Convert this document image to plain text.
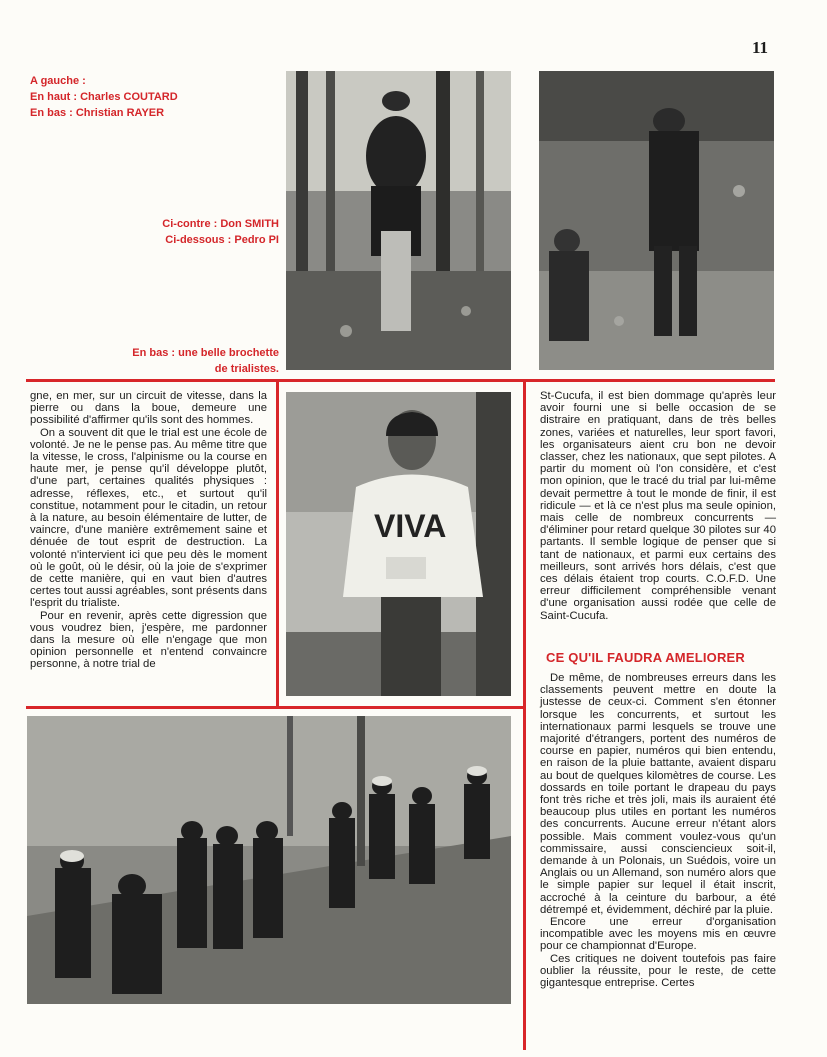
11
A gauche :
En haut : Charles COUTARD
En bas : Christian RAYER
Ci-contre : Don SMITH
Ci-dessous : Pedro PI
En bas : une belle brochette
de trialistes.

gne, en mer, sur un circuit de vitesse, dans la pierre ou dans la boue, demeure une possibilité d'affirmer qu'ils sont des hommes.

On a souvent dit que le trial est une école de volonté. Je ne le pense pas. Au même titre que la vitesse, le cross, l'alpinisme ou la course en haute mer, je pense qu'il développe plutôt, d'une part, certaines qualités physiques : adresse, réflexes, etc., et surtout qu'il constitue, notamment pour le citadin, un retour à la nature, au besoin élémentaire de lutter, de vaincre, d'une manière extrêmement saine et dénuée de tout esprit de destruction. La volonté n'intervient ici que peu dès le moment où le goût, où le désir, où la joie de s'exprimer de cette manière, qui en vaut bien d'autres certes tout aussi agréables, sont présents dans l'esprit du trialiste.

Pour en revenir, après cette digression que vous voudrez bien, j'espère, me pardonner dans la mesure où elle n'engage que mon opinion personnelle et n'entend convaincre personne, à notre trial de

VIVA

St-Cucufa, il est bien dommage qu'après leur avoir fourni une si belle occasion de se distraire en pratiquant, dans de très belles zones, variées et naturelles, leur sport favori, les organisateurs aient cru bon ne devoir classer, chez les nationaux, que sept pilotes. A partir du moment où l'on considère, et c'est mon opinion, que le tracé du trial par lui-même devait permettre à tout le monde de finir, il est ridicule — et là ce n'est plus ma seule opinion, mais celle de nombreux concurrents — d'éliminer pour retard quelque 30 pilotes sur 40 partants. Il semble logique de penser que si tant de nationaux, et parmi eux certains des meilleurs, sont arrivés hors délais, c'est que ces délais étaient trop courts. C.O.F.D. Une erreur difficilement compréhensible venant d'une organisation aussi rodée que celle de Saint-Cucufa.

CE QU'IL FAUDRA AMELIORER

De même, de nombreuses erreurs dans les classements peuvent mettre en doute la justesse de ceux-ci. Comment s'en étonner lorsque les concurrents, et surtout les internationaux parmi lesquels se trouve une majorité d'étrangers, portent des numéros de course en papier, numéros qui bien entendu, en raison de la pluie battante, avaient disparu au bout de quelques kilomètres de course. Les dossards en toile portant le drapeau du pays font très riche et très joli, mais ils auraient été beaucoup plus utiles en portant les numéros des concurrents. Aucune erreur n'étant alors possible. Mais comment voulez-vous qu'un commissaire, aussi consciencieux soit-il, demande à un Polonais, un Suédois, voire un Anglais ou un Allemand, son numéro alors que le simple papier sur lequel il était inscrit, accroché à la ceinture du barbour, a été détrempé et, évidemment, déchiré par la pluie.

Encore une erreur d'organisation incompatible avec les moyens mis en œuvre pour ce championnat d'Europe.

Ces critiques ne doivent toutefois pas faire oublier la réussite, pour le reste, de cette gigantesque entreprise. Certes
